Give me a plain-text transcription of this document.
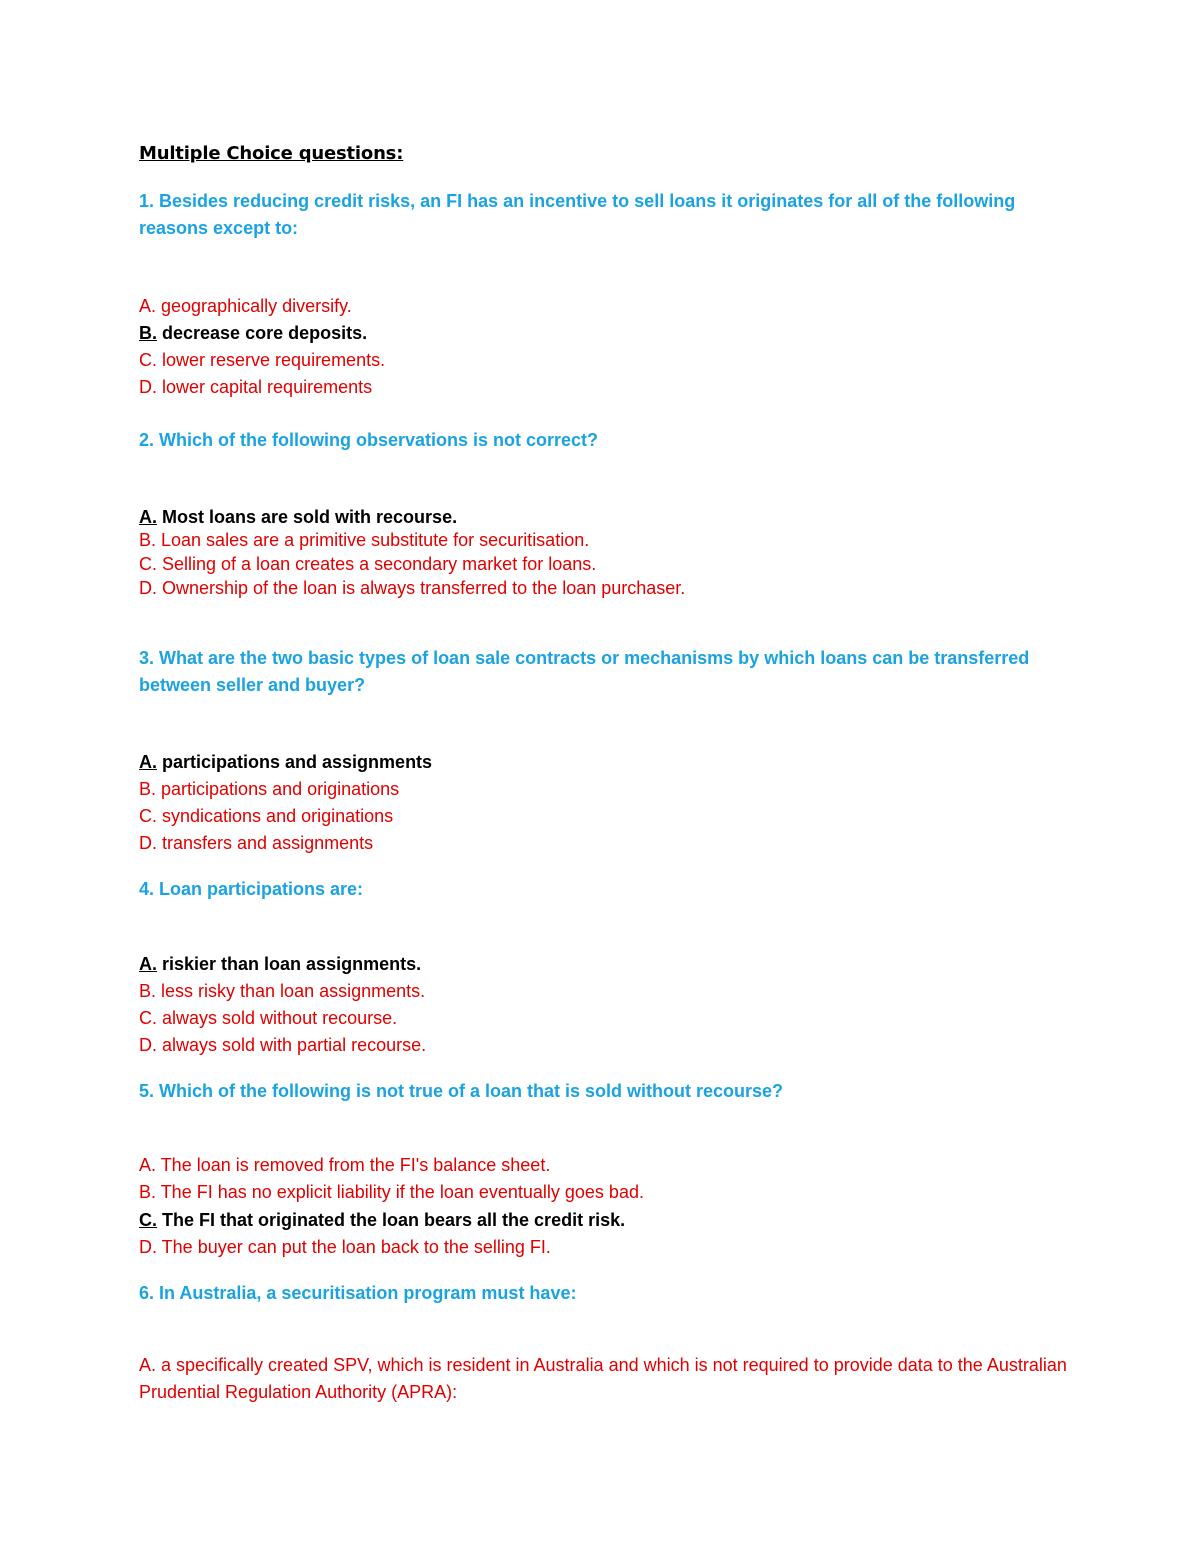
Multiple Choice questions:
1. Besides reducing credit risks, an FI has an incentive to sell loans it originates for all of the following reasons except to:
A. geographically diversify.
B. decrease core deposits.
C. lower reserve requirements.
D. lower capital requirements
2. Which of the following observations is not correct?
A. Most loans are sold with recourse.
B. Loan sales are a primitive substitute for securitisation.
C. Selling of a loan creates a secondary market for loans.
D. Ownership of the loan is always transferred to the loan purchaser.
3. What are the two basic types of loan sale contracts or mechanisms by which loans can be transferred between seller and buyer?
A. participations and assignments
B. participations and originations
C. syndications and originations
D. transfers and assignments
4. Loan participations are:
A. riskier than loan assignments.
B. less risky than loan assignments.
C. always sold without recourse.
D. always sold with partial recourse.
5. Which of the following is not true of a loan that is sold without recourse?
A. The loan is removed from the FI's balance sheet.
B. The FI has no explicit liability if the loan eventually goes bad.
C. The FI that originated the loan bears all the credit risk.
D. The buyer can put the loan back to the selling FI.
6. In Australia, a securitisation program must have:
A. a specifically created SPV, which is resident in Australia and which is not required to provide data to the Australian Prudential Regulation Authority (APRA):
